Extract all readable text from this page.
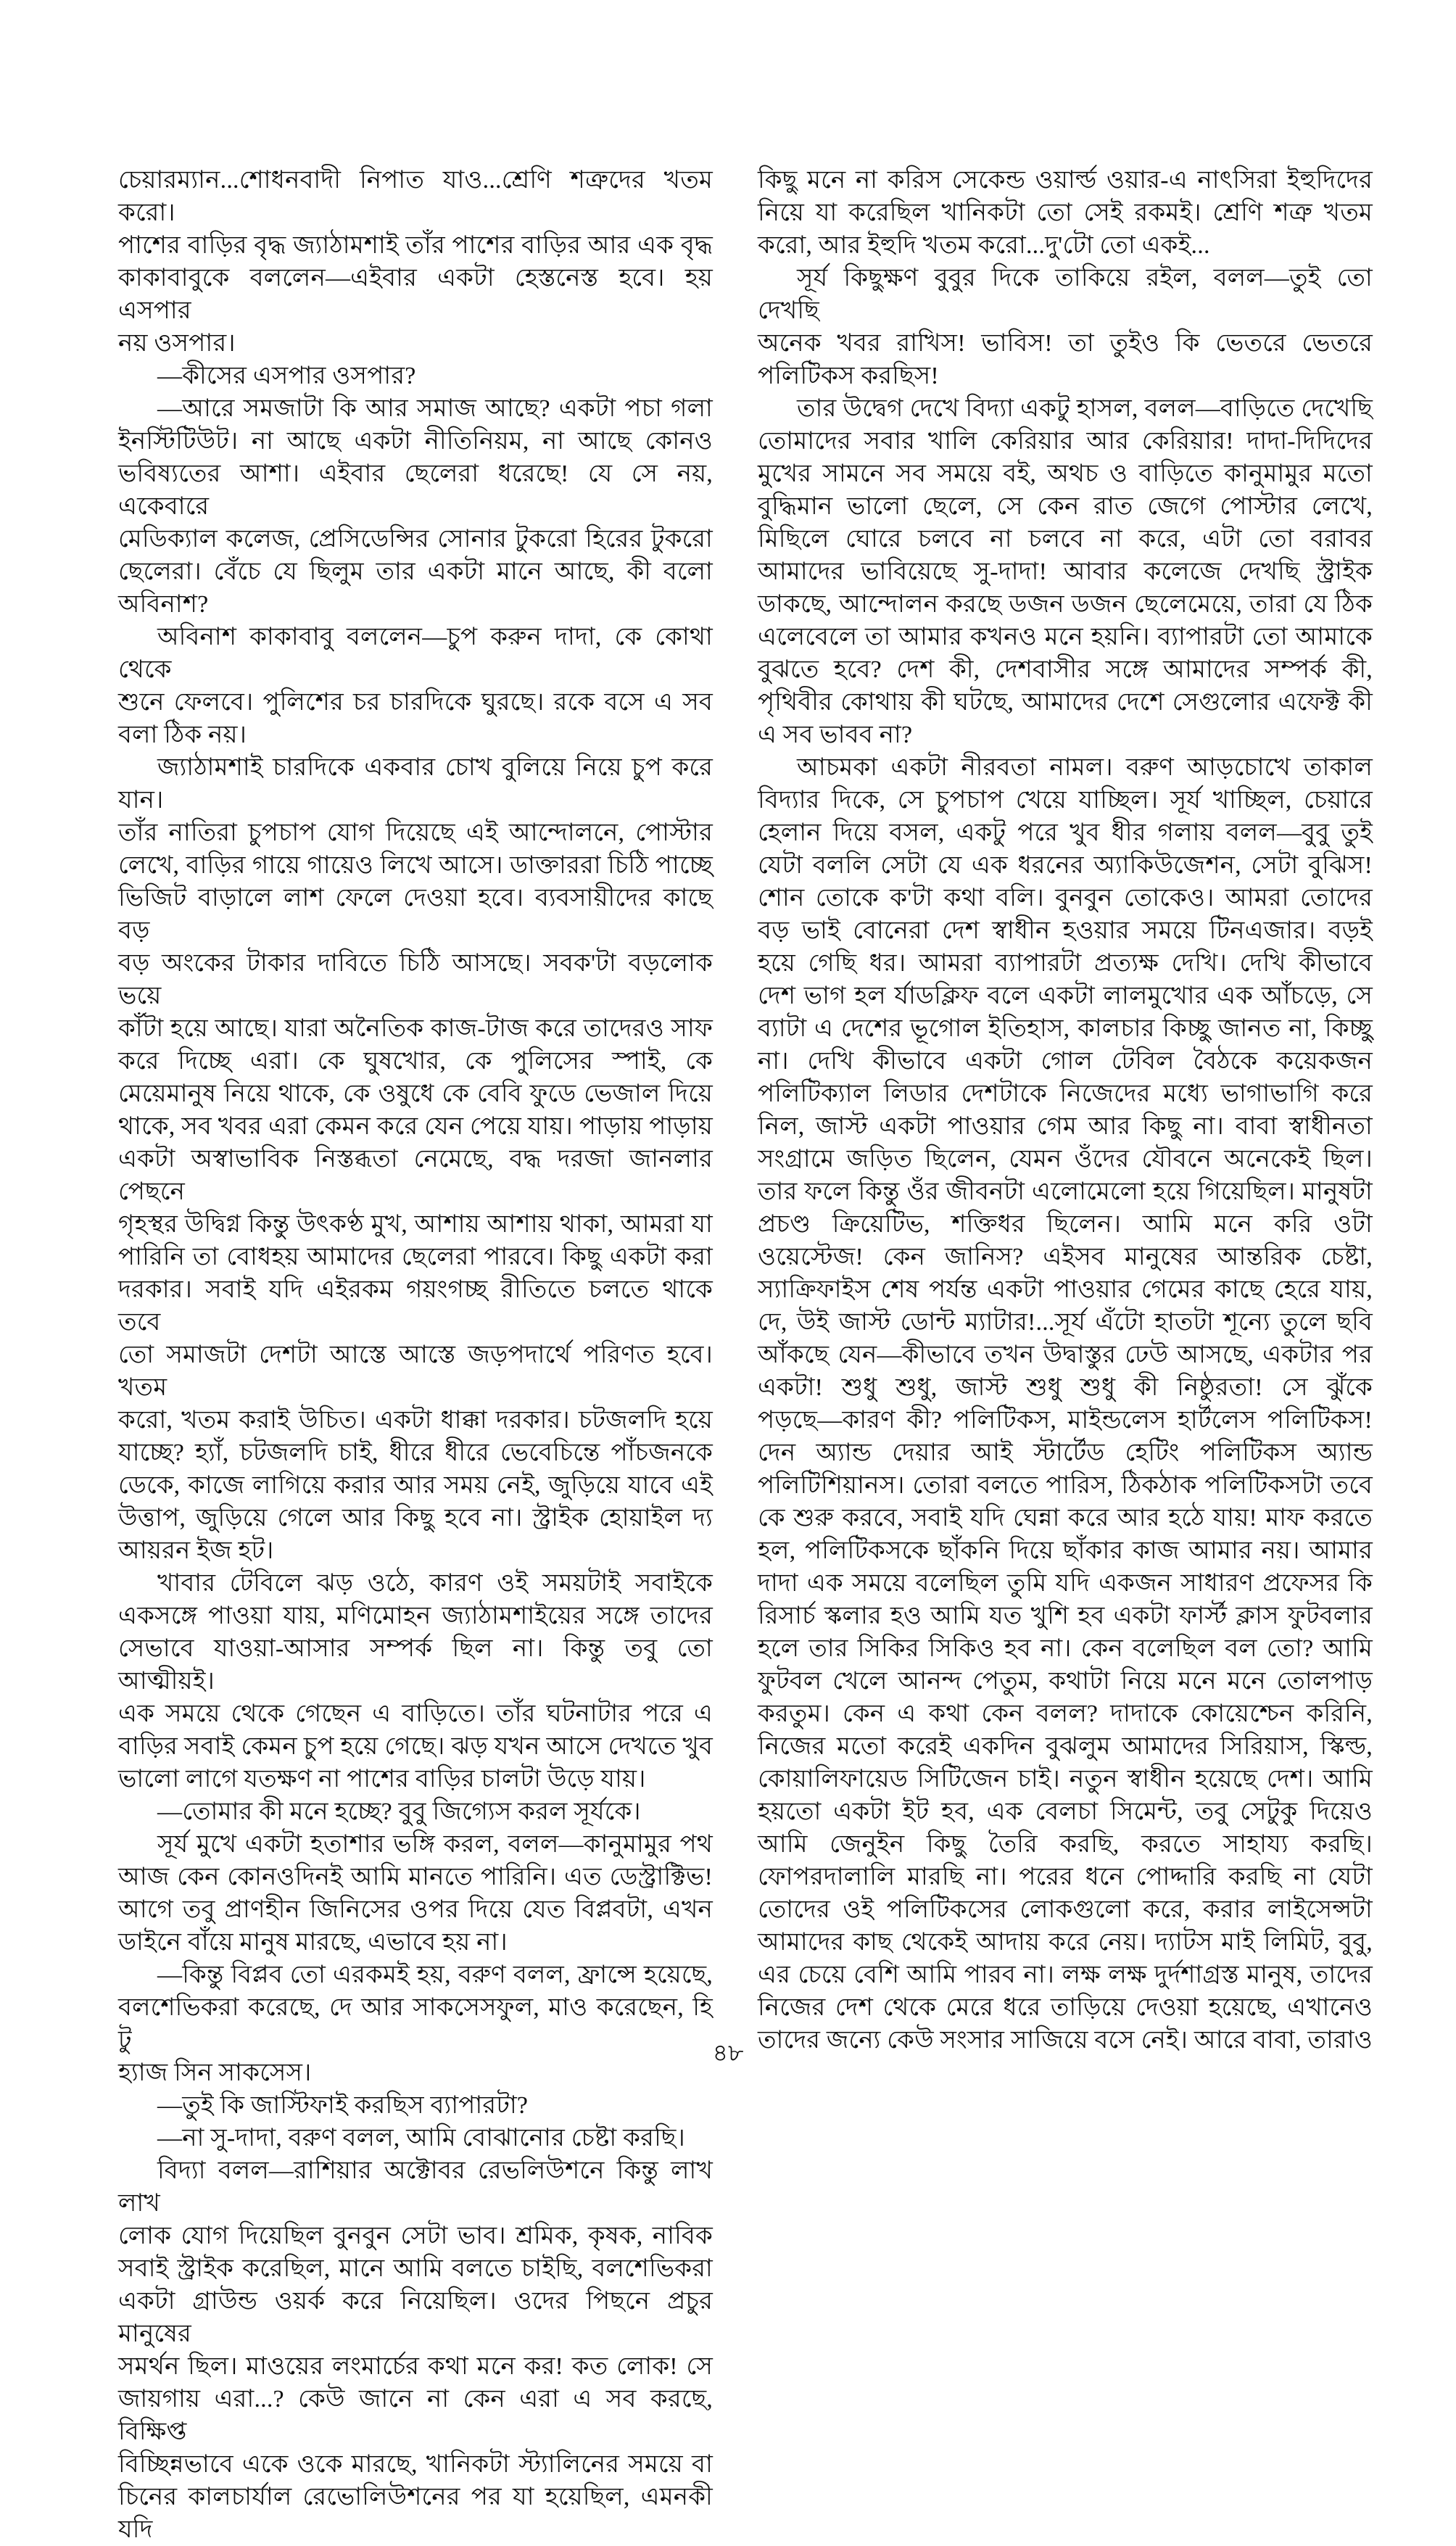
চেয়ারম্যান...শোধনবাদী নিপাত যাও...শ্রেণি শত্রুদের খতম করো।
পাশের বাড়ির বৃদ্ধ জ্যাঠামশাই তাঁর পাশের বাড়ির আর এক বৃদ্ধ
কাকাবাবুকে বললেন—এইবার একটা হেস্তনেস্ত হবে। হয় এসপার
নয় ওসপার।
—কীসের এসপার ওসপার?
—আরে সমজাটা কি আর সমাজ আছে? একটা পচা গলা
ইনস্টিটিউট। না আছে একটা নীতিনিয়ম, না আছে কোনও
ভবিষ্যতের আশা। এইবার ছেলেরা ধরেছে! যে সে নয়, একেবারে
মেডিক্যাল কলেজ, প্রেসিডেন্সির সোনার টুকরো হিরের টুকরো
ছেলেরা। বেঁচে যে ছিলুম তার একটা মানে আছে, কী বলো
অবিনাশ?
অবিনাশ কাকাবাবু বললেন—চুপ করুন দাদা, কে কোথা থেকে
শুনে ফেলবে। পুলিশের চর চারদিকে ঘুরছে। রকে বসে এ সব
বলা ঠিক নয়।
জ্যাঠামশাই চারদিকে একবার চোখ বুলিয়ে নিয়ে চুপ করে যান।
তাঁর নাতিরা চুপচাপ যোগ দিয়েছে এই আন্দোলনে, পোস্টার
লেখে, বাড়ির গায়ে গায়েও লিখে আসে। ডাক্তাররা চিঠি পাচ্ছে
ভিজিট বাড়ালে লাশ ফেলে দেওয়া হবে। ব্যবসায়ীদের কাছে বড়
বড় অংকের টাকার দাবিতে চিঠি আসছে। সবক'টা বড়লোক ভয়ে
কাঁটা হয়ে আছে। যারা অনৈতিক কাজ-টাজ করে তাদেরও সাফ
করে দিচ্ছে এরা। কে ঘুষখোর, কে পুলিসের স্পাই, কে
মেয়েমানুষ নিয়ে থাকে, কে ওষুধে কে বেবি ফুডে ভেজাল দিয়ে
থাকে, সব খবর এরা কেমন করে যেন পেয়ে যায়। পাড়ায় পাড়ায়
একটা অস্বাভাবিক নিস্তব্ধতা নেমেছে, বদ্ধ দরজা জানলার পেছনে
গৃহস্থর উদ্বিগ্ন কিন্তু উৎকণ্ঠ মুখ, আশায় আশায় থাকা, আমরা যা
পারিনি তা বোধহয় আমাদের ছেলেরা পারবে। কিছু একটা করা
দরকার। সবাই যদি এইরকম গয়ংগচ্ছ রীতিতে চলতে থাকে তবে
তো সমাজটা দেশটা আস্তে আস্তে জড়পদার্থে পরিণত হবে। খতম
করো, খতম করাই উচিত। একটা ধাক্কা দরকার। চটজলদি হয়ে
যাচ্ছে? হ্যাঁ, চটজলদি চাই, ধীরে ধীরে ভেবেচিন্তে পাঁচজনকে
ডেকে, কাজে লাগিয়ে করার আর সময় নেই, জুড়িয়ে যাবে এই
উত্তাপ, জুড়িয়ে গেলে আর কিছু হবে না। স্ট্রাইক হোয়াইল দ্য
আয়রন ইজ হট।
খাবার টেবিলে ঝড় ওঠে, কারণ ওই সময়টাই সবাইকে
একসঙ্গে পাওয়া যায়, মণিমোহন জ্যাঠামশাইয়ের সঙ্গে তাদের
সেভাবে যাওয়া-আসার সম্পর্ক ছিল না। কিন্তু তবু তো আত্মীয়ই।
এক সময়ে থেকে গেছেন এ বাড়িতে। তাঁর ঘটনাটার পরে এ
বাড়ির সবাই কেমন চুপ হয়ে গেছে। ঝড় যখন আসে দেখতে খুব
ভালো লাগে যতক্ষণ না পাশের বাড়ির চালটা উড়ে যায়।
—তোমার কী মনে হচ্ছে? বুবু জিগ্যেস করল সূর্যকে।
সূর্য মুখে একটা হতাশার ভঙ্গি করল, বলল—কানুমামুর পথ
আজ কেন কোনওদিনই আমি মানতে পারিনি। এত ডেস্ট্রাক্টিভ!
আগে তবু প্রাণহীন জিনিসের ওপর দিয়ে যেত বিপ্লবটা, এখন
ডাইনে বাঁয়ে মানুষ মারছে, এভাবে হয় না।
—কিন্তু বিপ্লব তো এরকমই হয়, বরুণ বলল, ফ্রান্সে হয়েছে,
বলশেভিকরা করেছে, দে আর সাকসেসফুল, মাও করেছেন, হি টু
হ্যাজ সিন সাকসেস।
—তুই কি জাস্টিফাই করছিস ব্যাপারটা?
—না সু-দাদা, বরুণ বলল, আমি বোঝানোর চেষ্টা করছি।
বিদ্যা বলল—রাশিয়ার অক্টোবর রেভলিউশনে কিন্তু লাখ লাখ
লোক যোগ দিয়েছিল বুনবুন সেটা ভাব। শ্রমিক, কৃষক, নাবিক
সবাই স্ট্রাইক করেছিল, মানে আমি বলতে চাইছি, বলশেভিকরা
একটা গ্রাউন্ড ওয়র্ক করে নিয়েছিল। ওদের পিছনে প্রচুর মানুষের
সমর্থন ছিল। মাওয়ের লংমার্চের কথা মনে কর! কত লোক! সে
জায়গায় এরা...? কেউ জানে না কেন এরা এ সব করছে, বিক্ষিপ্ত
বিচ্ছিন্নভাবে একে ওকে মারছে, খানিকটা স্ট্যালিনের সময়ে বা
চিনের কালচার্যাল রেভোলিউশনের পর যা হয়েছিল, এমনকী যদি
কিছু মনে না করিস সেকেন্ড ওয়ার্ল্ড ওয়ার-এ নাৎসিরা ইহুদিদের
নিয়ে যা করেছিল খানিকটা তো সেই রকমই। শ্রেণি শত্রু খতম
করো, আর ইহুদি খতম করো...দু'টো তো একই...
সূর্য কিছুক্ষণ বুবুর দিকে তাকিয়ে রইল, বলল—তুই তো দেখছি
অনেক খবর রাখিস! ভাবিস! তা তুইও কি ভেতরে ভেতরে
পলিটিকস করছিস!
তার উদ্বেগ দেখে বিদ্যা একটু হাসল, বলল—বাড়িতে দেখেছি
তোমাদের সবার খালি কেরিয়ার আর কেরিয়ার! দাদা-দিদিদের
মুখের সামনে সব সময়ে বই, অথচ ও বাড়িতে কানুমামুর মতো
বুদ্ধিমান ভালো ছেলে, সে কেন রাত জেগে পোস্টার লেখে,
মিছিলে ঘোরে চলবে না চলবে না করে, এটা তো বরাবর
আমাদের ভাবিয়েছে সু-দাদা! আবার কলেজে দেখছি স্ট্রাইক
ডাকছে, আন্দোলন করছে ডজন ডজন ছেলেমেয়ে, তারা যে ঠিক
এলেবেলে তা আমার কখনও মনে হয়নি। ব্যাপারটা তো আমাকে
বুঝতে হবে? দেশ কী, দেশবাসীর সঙ্গে আমাদের সম্পর্ক কী,
পৃথিবীর কোথায় কী ঘটছে, আমাদের দেশে সেগুলোর এফেক্ট কী
এ সব ভাবব না?
আচমকা একটা নীরবতা নামল। বরুণ আড়চোখে তাকাল
বিদ্যার দিকে, সে চুপচাপ খেয়ে যাচ্ছিল। সূর্য খাচ্ছিল, চেয়ারে
হেলান দিয়ে বসল, একটু পরে খুব ধীর গলায় বলল—বুবু তুই
যেটা বললি সেটা যে এক ধরনের অ্যাকিউজেশন, সেটা বুঝিস!
শোন তোকে ক'টা কথা বলি। বুনবুন তোকেও। আমরা তোদের
বড় ভাই বোনেরা দেশ স্বাধীন হওয়ার সময়ে টিনএজার। বড়ই
হয়ে গেছি ধর। আমরা ব্যাপারটা প্রত্যক্ষ দেখি। দেখি কীভাবে
দেশ ভাগ হল র্যাডক্লিফ বলে একটা লালমুখোর এক আঁচড়ে, সে
ব্যাটা এ দেশের ভূগোল ইতিহাস, কালচার কিচ্ছু জানত না, কিচ্ছু
না। দেখি কীভাবে একটা গোল টেবিল বৈঠকে কয়েকজন
পলিটিক্যাল লিডার দেশটাকে নিজেদের মধ্যে ভাগাভাগি করে
নিল, জাস্ট একটা পাওয়ার গেম আর কিছু না। বাবা স্বাধীনতা
সংগ্রামে জড়িত ছিলেন, যেমন ওঁদের যৌবনে অনেকেই ছিল।
তার ফলে কিন্তু ওঁর জীবনটা এলোমেলো হয়ে গিয়েছিল। মানুষটা
প্রচণ্ড ক্রিয়েটিভ, শক্তিধর ছিলেন। আমি মনে করি ওটা
ওয়েস্টেজ! কেন জানিস? এইসব মানুষের আন্তরিক চেষ্টা,
স্যাক্রিফাইস শেষ পর্যন্ত একটা পাওয়ার গেমের কাছে হেরে যায়,
দে, উই জাস্ট ডোন্ট ম্যাটার!...সূর্য এঁটো হাতটা শূন্যে তুলে ছবি
আঁকছে যেন—কীভাবে তখন উদ্বাস্তুর ঢেউ আসছে, একটার পর
একটা! শুধু শুধু, জাস্ট শুধু শুধু কী নিষ্ঠুরতা! সে ঝুঁকে
পড়ছে—কারণ কী? পলিটিকস, মাইন্ডলেস হার্টলেস পলিটিকস!
দেন অ্যান্ড দেয়ার আই স্টার্টেড হেটিং পলিটিকস অ্যান্ড
পলিটিশিয়ানস। তোরা বলতে পারিস, ঠিকঠাক পলিটিকসটা তবে
কে শুরু করবে, সবাই যদি ঘেন্না করে আর হঠে যায়! মাফ করতে
হল, পলিটিকসকে ছাঁকনি দিয়ে ছাঁকার কাজ আমার নয়। আমার
দাদা এক সময়ে বলেছিল তুমি যদি একজন সাধারণ প্রফেসর কি
রিসার্চ স্কলার হও আমি যত খুশি হব একটা ফার্স্ট ক্লাস ফুটবলার
হলে তার সিকির সিকিও হব না। কেন বলেছিল বল তো? আমি
ফুটবল খেলে আনন্দ পেতুম, কথাটা নিয়ে মনে মনে তোলপাড়
করতুম। কেন এ কথা কেন বলল? দাদাকে কোয়েশ্চেন করিনি,
নিজের মতো করেই একদিন বুঝলুম আমাদের সিরিয়াস, স্কিল্ড,
কোয়ালিফায়েড সিটিজেন চাই। নতুন স্বাধীন হয়েছে দেশ। আমি
হয়তো একটা ইট হব, এক বেলচা সিমেন্ট, তবু সেটুকু দিয়েও
আমি জেনুইন কিছু তৈরি করছি, করতে সাহায্য করছি।
ফোপরদালালি মারছি না। পরের ধনে পোদ্দারি করছি না যেটা
তোদের ওই পলিটিকসের লোকগুলো করে, করার লাইসেন্সটা
আমাদের কাছ থেকেই আদায় করে নেয়। দ্যাটস মাই লিমিট, বুবু,
এর চেয়ে বেশি আমি পারব না। লক্ষ লক্ষ দুর্দশাগ্রস্ত মানুষ, তাদের
নিজের দেশ থেকে মেরে ধরে তাড়িয়ে দেওয়া হয়েছে, এখানেও
তাদের জন্যে কেউ সংসার সাজিয়ে বসে নেই। আরে বাবা, তারাও
৪৮
